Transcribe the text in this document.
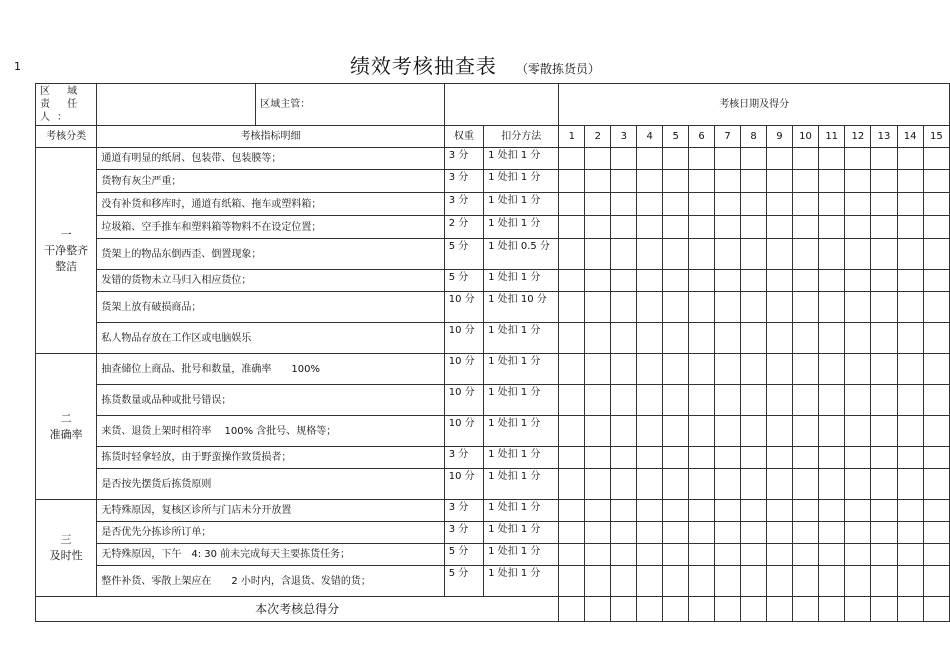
1	绩效考核抽查表 （零散拣货员）
区 域 责 任 人：		区域主管：			考核日期及得分														
考核分类	考核指标明细		权重	扣分方法	1	2	3	4	5	6	7	8	9	10	11	12	13	14	15

一
干净整齐
整洁	通道有明显的纸屑、包装带、包装膜等；		3 分	1 处扣 1 分															
	货物有灰尘严重；		3 分	1 处扣 1 分															
	没有补货和移库时，通道有纸箱、拖车或塑料箱；		3 分	1 处扣 1 分															
	垃圾箱、空手推车和塑料箱等物料不在设定位置；		2 分	1 处扣 1 分															
	货架上的物品东倒西歪、倒置现象；		5 分	1 处扣 0.5 分															
	发错的货物未立马归入相应货位；		5 分	1 处扣 1 分															
	货架上放有破损商品；		10 分	1 处扣 10 分															
	私人物品存放在工作区或电脑娱乐		10 分	1 处扣 1 分															

二
准确率	抽查储位上商品、批号和数量，准确率　　100%		10 分	1 处扣 1 分															
	拣货数量或品种或批号错误；		10 分	1 处扣 1 分															
	来货、退货上架时相符率　 100% 含批号、规格等；		10 分	1 处扣 1 分															
	拣货时轻拿轻放，由于野蛮操作致货损者；		3 分	1 处扣 1 分															
	是否按先摆货后拣货原则		10 分	1 处扣 1 分															

三
及时性	无特殊原因，复核区诊所与门店未分开放置		3 分	1 处扣 1 分															
	是否优先分拣诊所订单；		3 分	1 处扣 1 分															
	无特殊原因，下午　4: 30 前未完成每天主要拣货任务；		5 分	1 处扣 1 分															
	整件补货、零散上架应在　　2 小时内，含退货、发错的货；		5 分	1 处扣 1 分															
本次考核总得分																			
